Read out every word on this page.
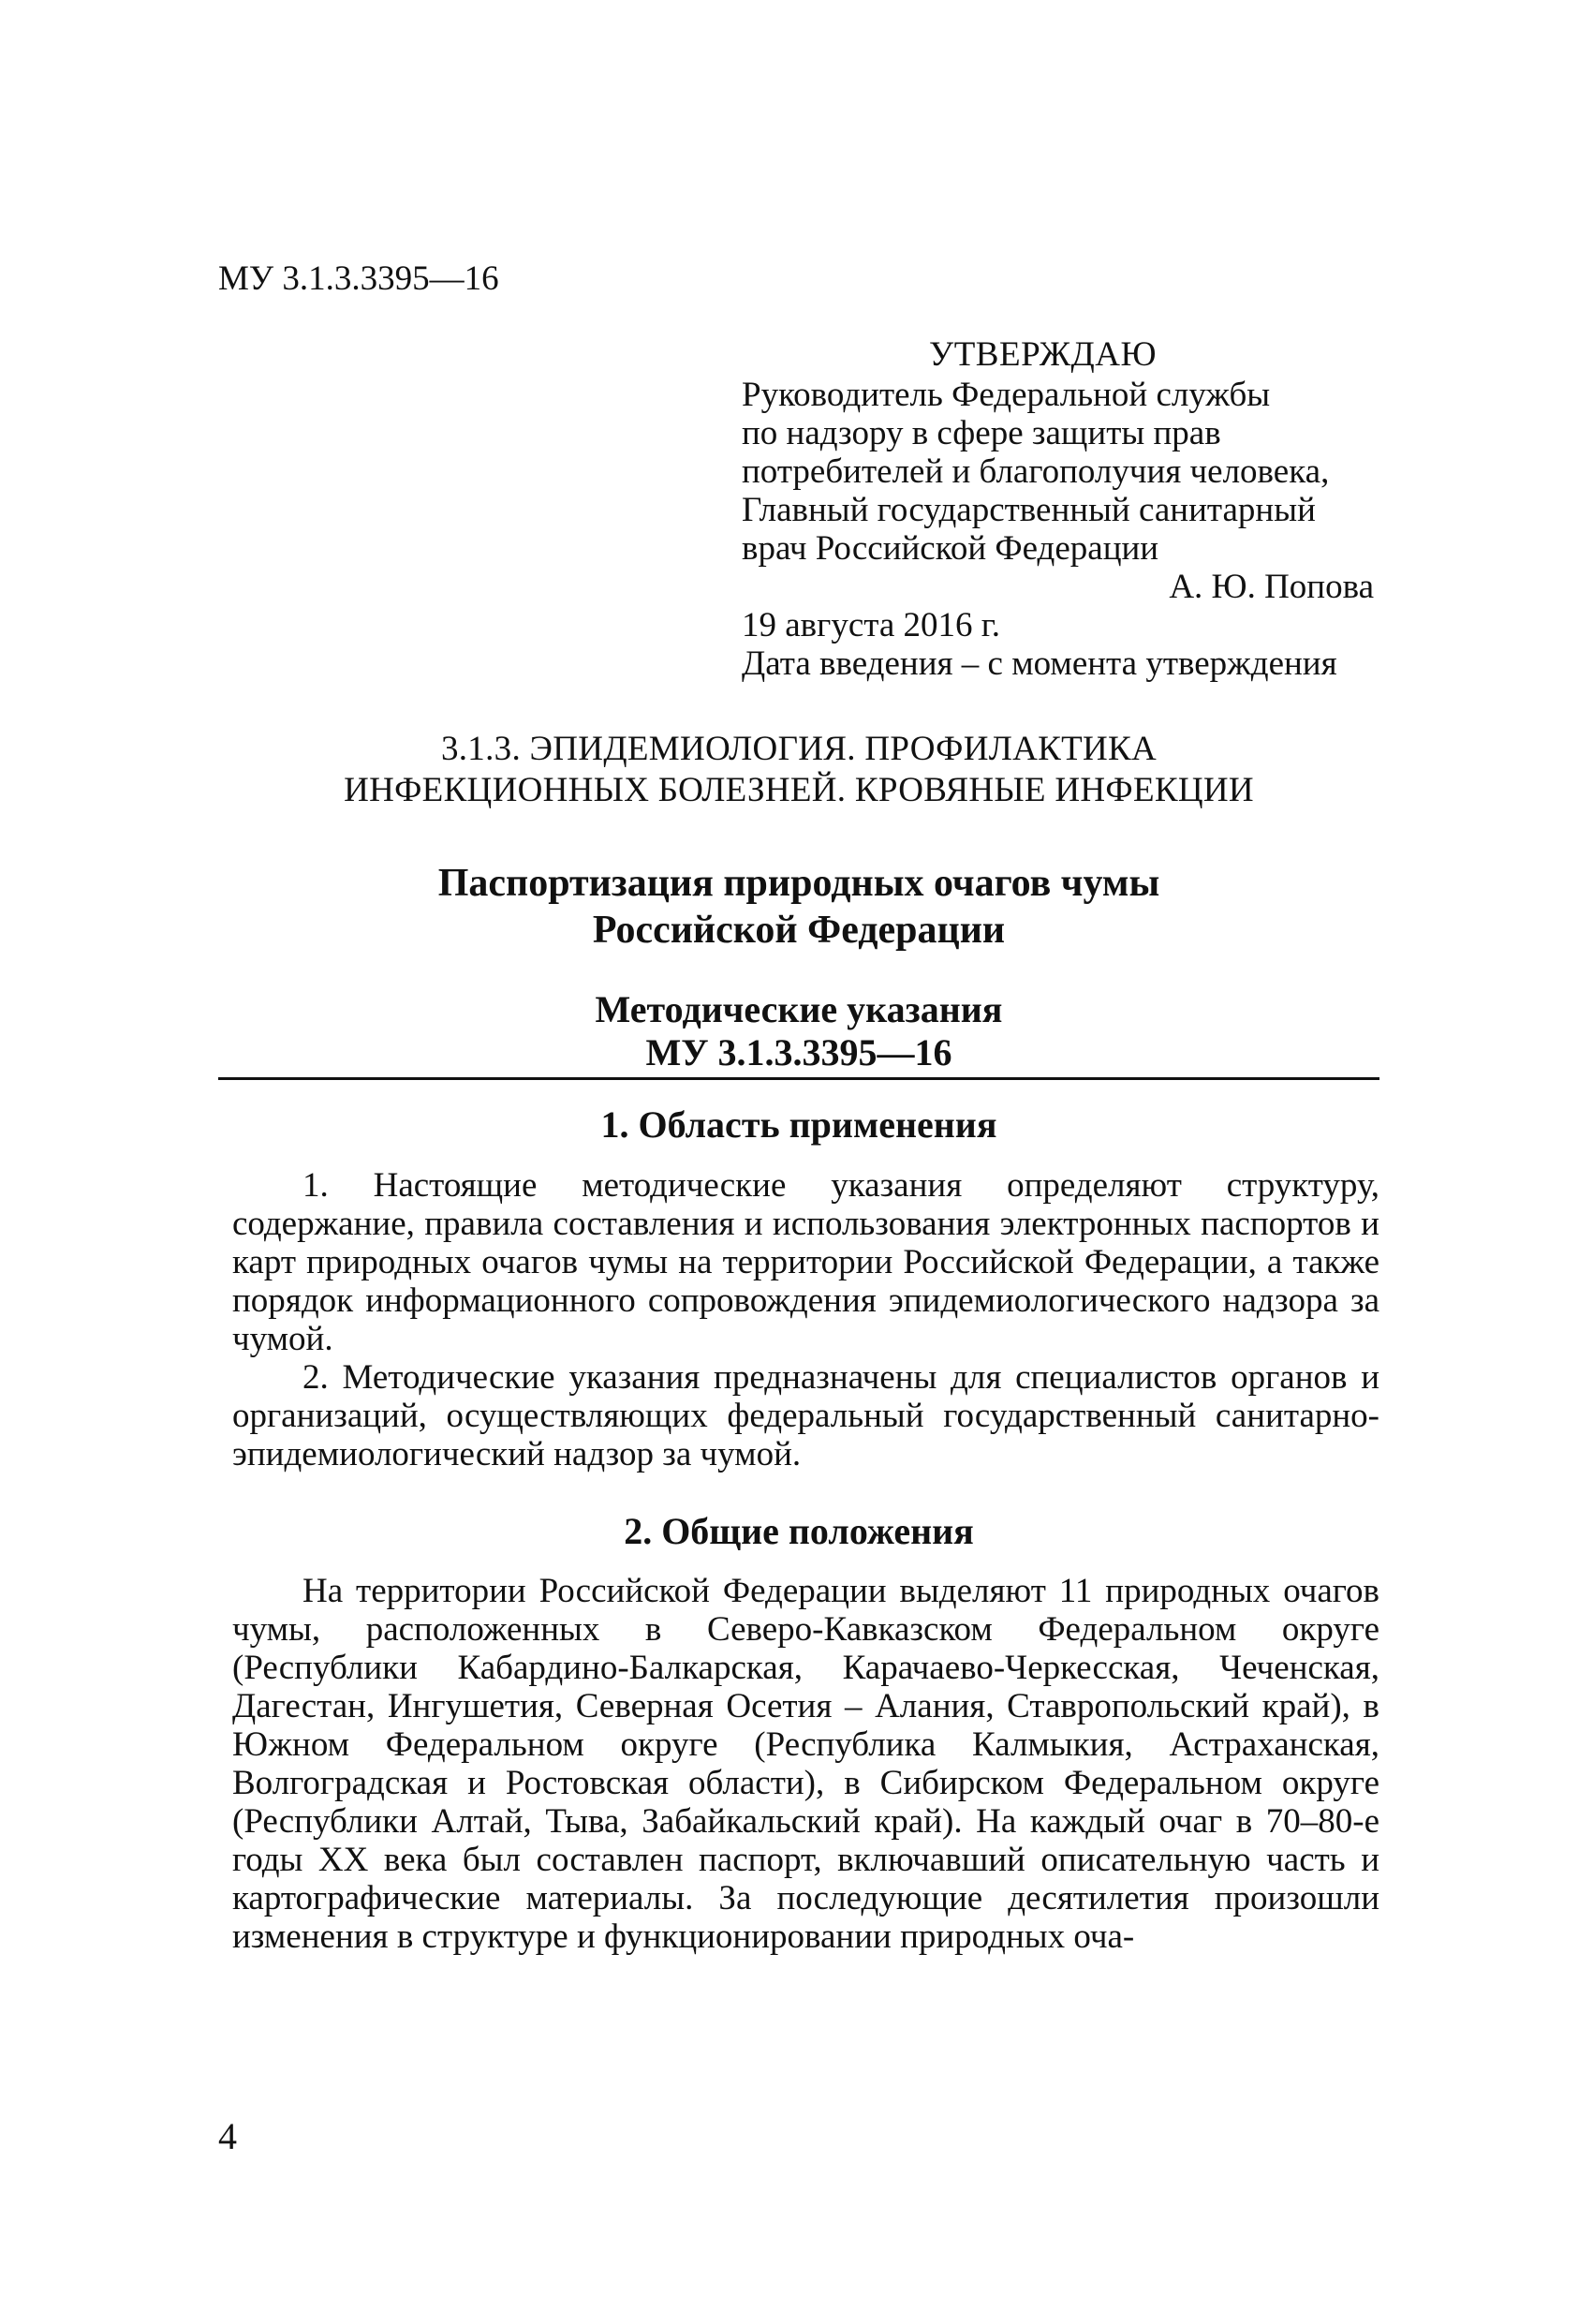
МУ 3.1.3.3395—16
УТВЕРЖДАЮ
Руководитель Федеральной службы
по надзору в сфере защиты прав
потребителей и благополучия человека,
Главный государственный санитарный
врач Российской Федерации
А. Ю. Попова
19 августа 2016 г.
Дата введения – с момента утверждения
3.1.3. ЭПИДЕМИОЛОГИЯ. ПРОФИЛАКТИКА
ИНФЕКЦИОННЫХ БОЛЕЗНЕЙ. КРОВЯНЫЕ ИНФЕКЦИИ
Паспортизация природных очагов чумы
Российской Федерации
Методические указания
МУ 3.1.3.3395—16
1. Область применения

1. Настоящие методические указания определяют структуру, содержание, правила составления и использования электронных паспортов и карт природных очагов чумы на территории Российской Федерации, а также порядок информационного сопровождения эпидемиологического надзора за чумой.

2. Методические указания предназначены для специалистов органов и организаций, осуществляющих федеральный государственный санитарно-эпидемиологический надзор за чумой.

2. Общие положения

На территории Российской Федерации выделяют 11 природных очагов чумы, расположенных в Северо-Кавказском Федеральном округе (Республики Кабардино-Балкарская, Карачаево-Черкесская, Чеченская, Дагестан, Ингушетия, Северная Осетия – Алания, Ставропольский край), в Южном Федеральном округе (Республика Калмыкия, Астраханская, Волгоградская и Ростовская области), в Сибирском Федеральном округе (Республики Алтай, Тыва, Забайкальский край). На каждый очаг в 70–80-е годы XX века был составлен паспорт, включавший описательную часть и картографические материалы. За последующие десятилетия произошли изменения в структуре и функционировании природных оча-

4
